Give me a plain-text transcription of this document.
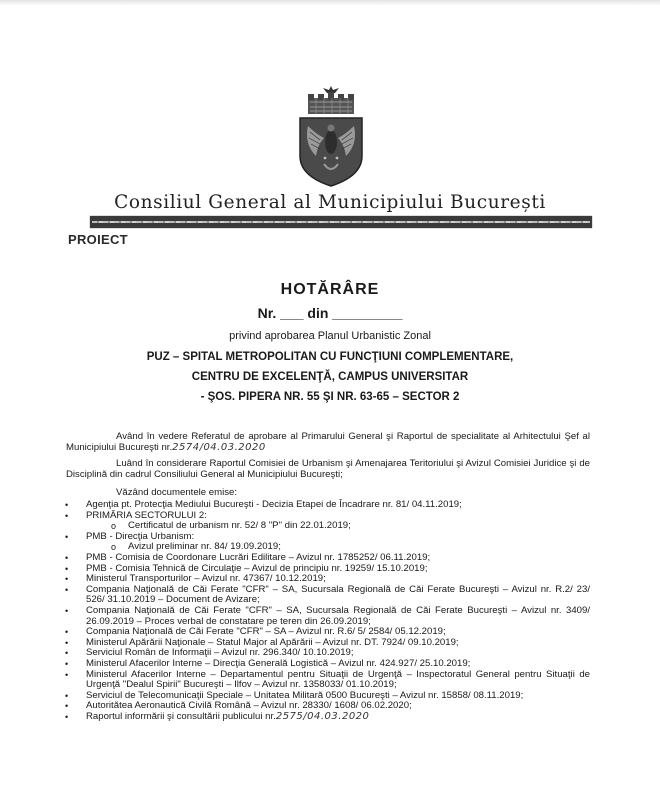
Consiliul General al Municipiului București
PROIECT
HOTĂRÂRE
Nr. ___ din _________
privind aprobarea Planul Urbanistic Zonal
PUZ – SPITAL METROPOLITAN CU FUNCŢIUNI COMPLEMENTARE,
CENTRU DE EXCELENŢĂ, CAMPUS UNIVERSITAR
- ŞOS. PIPERA NR. 55 ŞI NR. 63-65 – SECTOR 2
Având în vedere Referatul de aprobare al Primarului General şi Raportul de specialitate al Arhitectului Şef al Municipiului Bucureşti nr.2574/04.03.2020
Luând în considerare Raportul Comisiei de Urbanism şi Amenajarea Teritoriului şi Avizul Comisiei Juridice şi de Disciplină din cadrul Consiliului General al Municipiului Bucureşti;
Văzând documentele emise:
• Agenţia pt. Protecţia Mediului Bucureşti - Decizia Etapei de Încadrare nr. 81/ 04.11.2019;
• PRIMĂRIA SECTORULUI 2:
o Certificatul de urbanism nr. 52/ 8 "P" din 22.01.2019;
• PMB - Direcţia Urbanism:
o Avizul preliminar nr. 84/ 19.09.2019;
• PMB - Comisia de Coordonare Lucrări Edilitare – Avizul nr. 1785252/ 06.11.2019;
• PMB - Comisia Tehnică de Circulaţie – Avizul de principiu nr. 19259/ 15.10.2019;
• Ministerul Transporturilor – Avizul nr. 47367/ 10.12.2019;
• Compania Naţională de Căi Ferate "CFR" – SA, Sucursala Regională de Căi Ferate Bucureşti – Avizul nr. R.2/ 23/ 526/ 31.10.2019 – Document de Avizare;
• Compania Naţională de Căi Ferate "CFR" – SA, Sucursala Regională de Căi Ferate Bucureşti – Avizul nr. 3409/ 26.09.2019 – Proces verbal de constatare pe teren din 26.09.2019;
• Compania Naţională de Căi Ferate "CFR" – SA – Avizul nr. R.6/ 5/ 2584/ 05.12.2019;
• Ministerul Apărării Naţionale – Statul Major al Apărării – Avizul nr. DT. 7924/ 09.10.2019;
• Serviciul Român de Informaţii – Avizul nr. 296.340/ 10.10.2019;
• Ministerul Afacerilor Interne – Direcţia Generală Logistică – Avizul nr. 424.927/ 25.10.2019;
• Ministerul Afacerilor Interne – Departamentul pentru Situaţii de Urgenţă – Inspectoratul General pentru Situaţii de Urgenţă "Dealul Spirii" Bucureşti – Ilfov – Avizul nr. 1358033/ 01.10.2019;
• Serviciul de Telecomunicaţii Speciale – Unitatea Militară 0500 Bucureşti – Avizul nr. 15858/ 08.11.2019;
• Autoritătea Aeronautică Civilă Română – Avizul nr. 28330/ 1608/ 06.02.2020;
• Raportul informării şi consultării publicului nr.2575/04.03.2020
